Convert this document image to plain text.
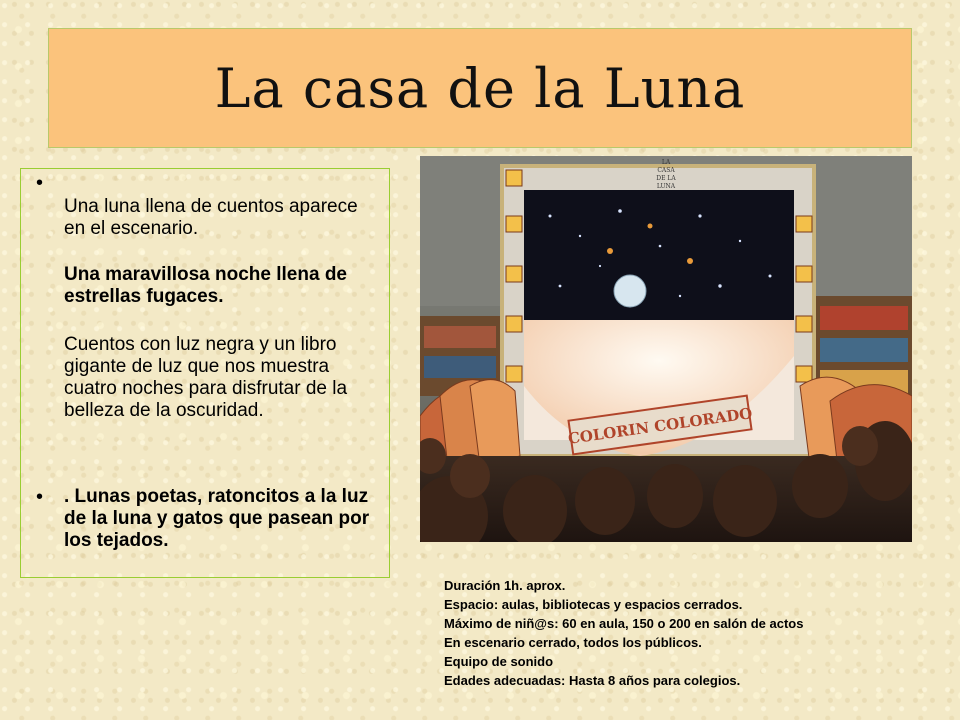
La casa de la Luna
•
Una luna llena de cuentos aparece en el escenario.
Una maravillosa noche llena de estrellas fugaces.
Cuentos con luz negra y un libro gigante de luz que nos muestra cuatro noches para disfrutar de la belleza de la oscuridad.
• . Lunas poetas, ratoncitos a la luz de la luna y gatos que pasean por los tejados.
COLORIN COLORADO
LA
CASA
DE LA
LUNA
Duración 1h. aprox.
Espacio: aulas, bibliotecas y espacios cerrados.
Máximo de niñ@s: 60 en aula, 150 o 200 en salón de actos
En escenario cerrado, todos los públicos.
Equipo de sonido
Edades adecuadas: Hasta 8 años para colegios.
